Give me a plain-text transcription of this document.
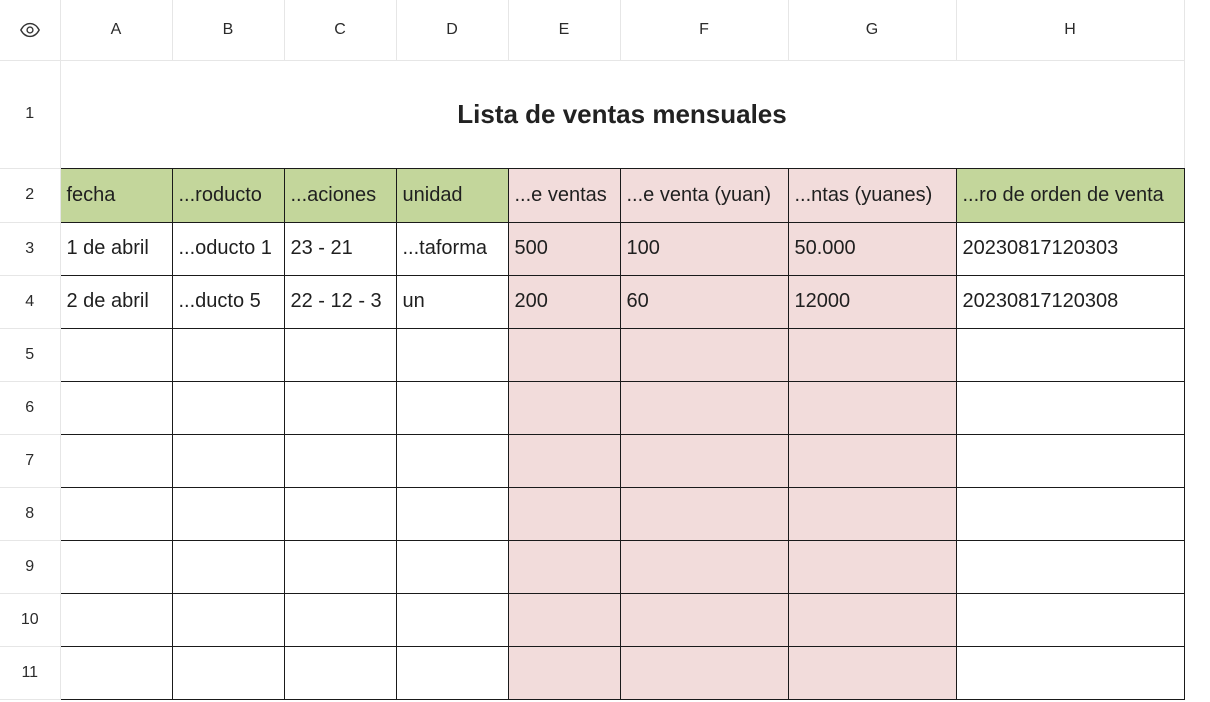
	A	B	C	D	E	F	G	H
1	Lista de ventas mensuales							
2	fecha	...roducto	...aciones	unidad	...e ventas	...e venta (yuan)	...ntas (yuanes)	...ro de orden de venta
3	1 de abril	...oducto 1	23 - 21	...taforma	500	100	50.000	20230817120303
4	2 de abril	...ducto 5	22 - 12 - 3	un	200	60	12000	20230817120308
5								
6								
7								
8								
9								
10								
11								
